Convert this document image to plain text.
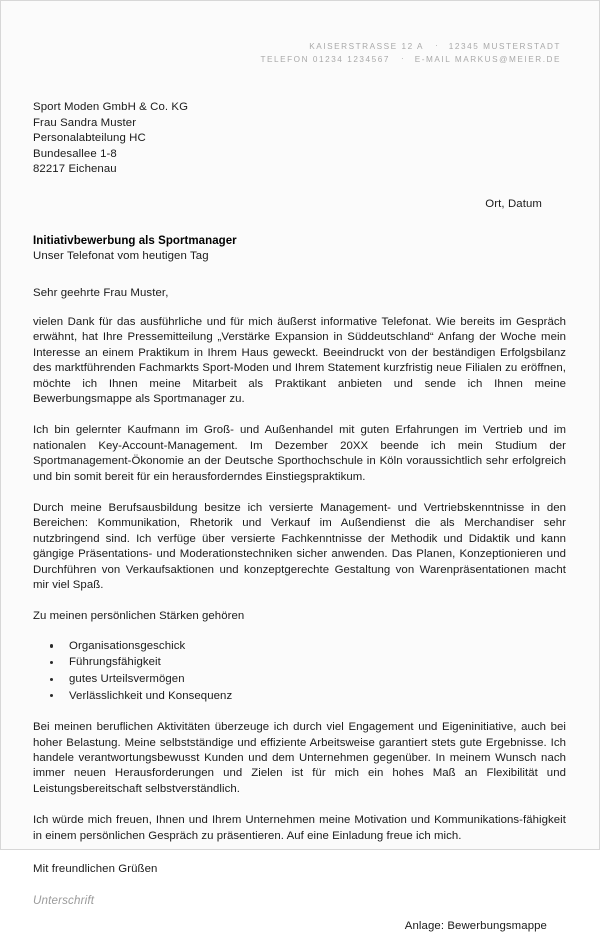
KAISERSTRASSE 12 A · 12345 MUSTERSTADT
TELEFON 01234 1234567 · E-MAIL MARKUS@MEIER.DE
Sport Moden GmbH & Co. KG
Frau Sandra Muster
Personalabteilung HC
Bundesallee 1-8
82217 Eichenau
Ort, Datum
Initiativbewerbung als Sportmanager
Unser Telefonat vom heutigen Tag
Sehr geehrte Frau Muster,
vielen Dank für das ausführliche und für mich äußerst informative Telefonat. Wie bereits im Gespräch erwähnt, hat Ihre Pressemitteilung „Verstärke Expansion in Süddeutschland“ Anfang der Woche mein Interesse an einem Praktikum in Ihrem Haus geweckt. Beeindruckt von der beständigen Erfolgsbilanz des marktführenden Fachmarkts Sport-Moden und Ihrem Statement kurzfristig neue Filialen zu eröffnen, möchte ich Ihnen meine Mitarbeit als Praktikant anbieten und sende ich Ihnen meine Bewerbungsmappe als Sportmanager zu.
Ich bin gelernter Kaufmann im Groß- und Außenhandel mit guten Erfahrungen im Vertrieb und im nationalen Key-Account-Management. Im Dezember 20XX beende ich mein Studium der Sportmanagement-Ökonomie an der Deutsche Sporthochschule in Köln voraussichtlich sehr erfolgreich und bin somit bereit für ein herausforderndes Einstiegspraktikum.
Durch meine Berufsausbildung besitze ich versierte Management- und Vertriebskenntnisse in den Bereichen: Kommunikation, Rhetorik und Verkauf im Außendienst die als Merchandiser sehr nutzbringend sind. Ich verfüge über versierte Fachkenntnisse der Methodik und Didaktik und kann gängige Präsentations- und Moderationstechniken sicher anwenden. Das Planen, Konzeptionieren und Durchführen von Verkaufsaktionen und konzeptgerechte Gestaltung von Warenpräsentationen macht mir viel Spaß.
Zu meinen persönlichen Stärken gehören
Organisationsgeschick
Führungsfähigkeit
gutes Urteilsvermögen
Verlässlichkeit und Konsequenz
Bei meinen beruflichen Aktivitäten überzeuge ich durch viel Engagement und Eigeninitiative, auch bei hoher Belastung. Meine selbstständige und effiziente Arbeitsweise garantiert stets gute Ergebnisse. Ich handele verantwortungsbewusst Kunden und dem Unternehmen gegenüber. In meinem Wunsch nach immer neuen Herausforderungen und Zielen ist für mich ein hohes Maß an Flexibilität und Leistungsbereitschaft selbstverständlich.
Ich würde mich freuen, Ihnen und Ihrem Unternehmen meine Motivation und Kommunikations-fähigkeit in einem persönlichen Gespräch zu präsentieren. Auf eine Einladung freue ich mich.
Mit freundlichen Grüßen
Unterschrift
Anlage: Bewerbungsmappe
